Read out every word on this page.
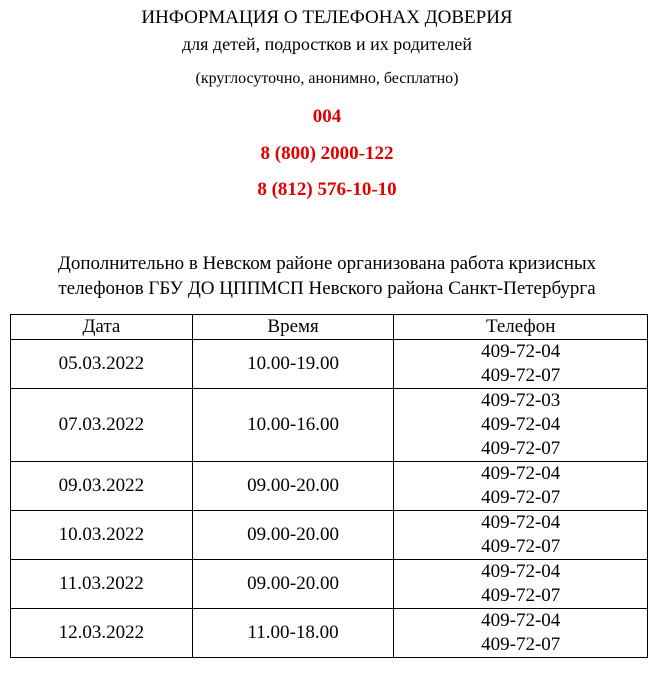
ИНФОРМАЦИЯ О ТЕЛЕФОНАХ ДОВЕРИЯ
для детей, подростков и их родителей
(круглосуточно, анонимно, бесплатно)
004
8 (800) 2000-122
8 (812) 576-10-10
Дополнительно в Невском районе организована работа кризисных
телефонов ГБУ ДО ЦППМСП Невского района Санкт-Петербурга
Дата	Время	Телефон
05.03.2022	10.00-19.00	409-72-04
409-72-07

07.03.2022	10.00-16.00	409-72-03
409-72-04
409-72-07

09.03.2022	09.00-20.00	409-72-04
409-72-07

10.03.2022	09.00-20.00	409-72-04
409-72-07

11.03.2022	09.00-20.00	409-72-04
409-72-07

12.03.2022	11.00-18.00	409-72-04
409-72-07
